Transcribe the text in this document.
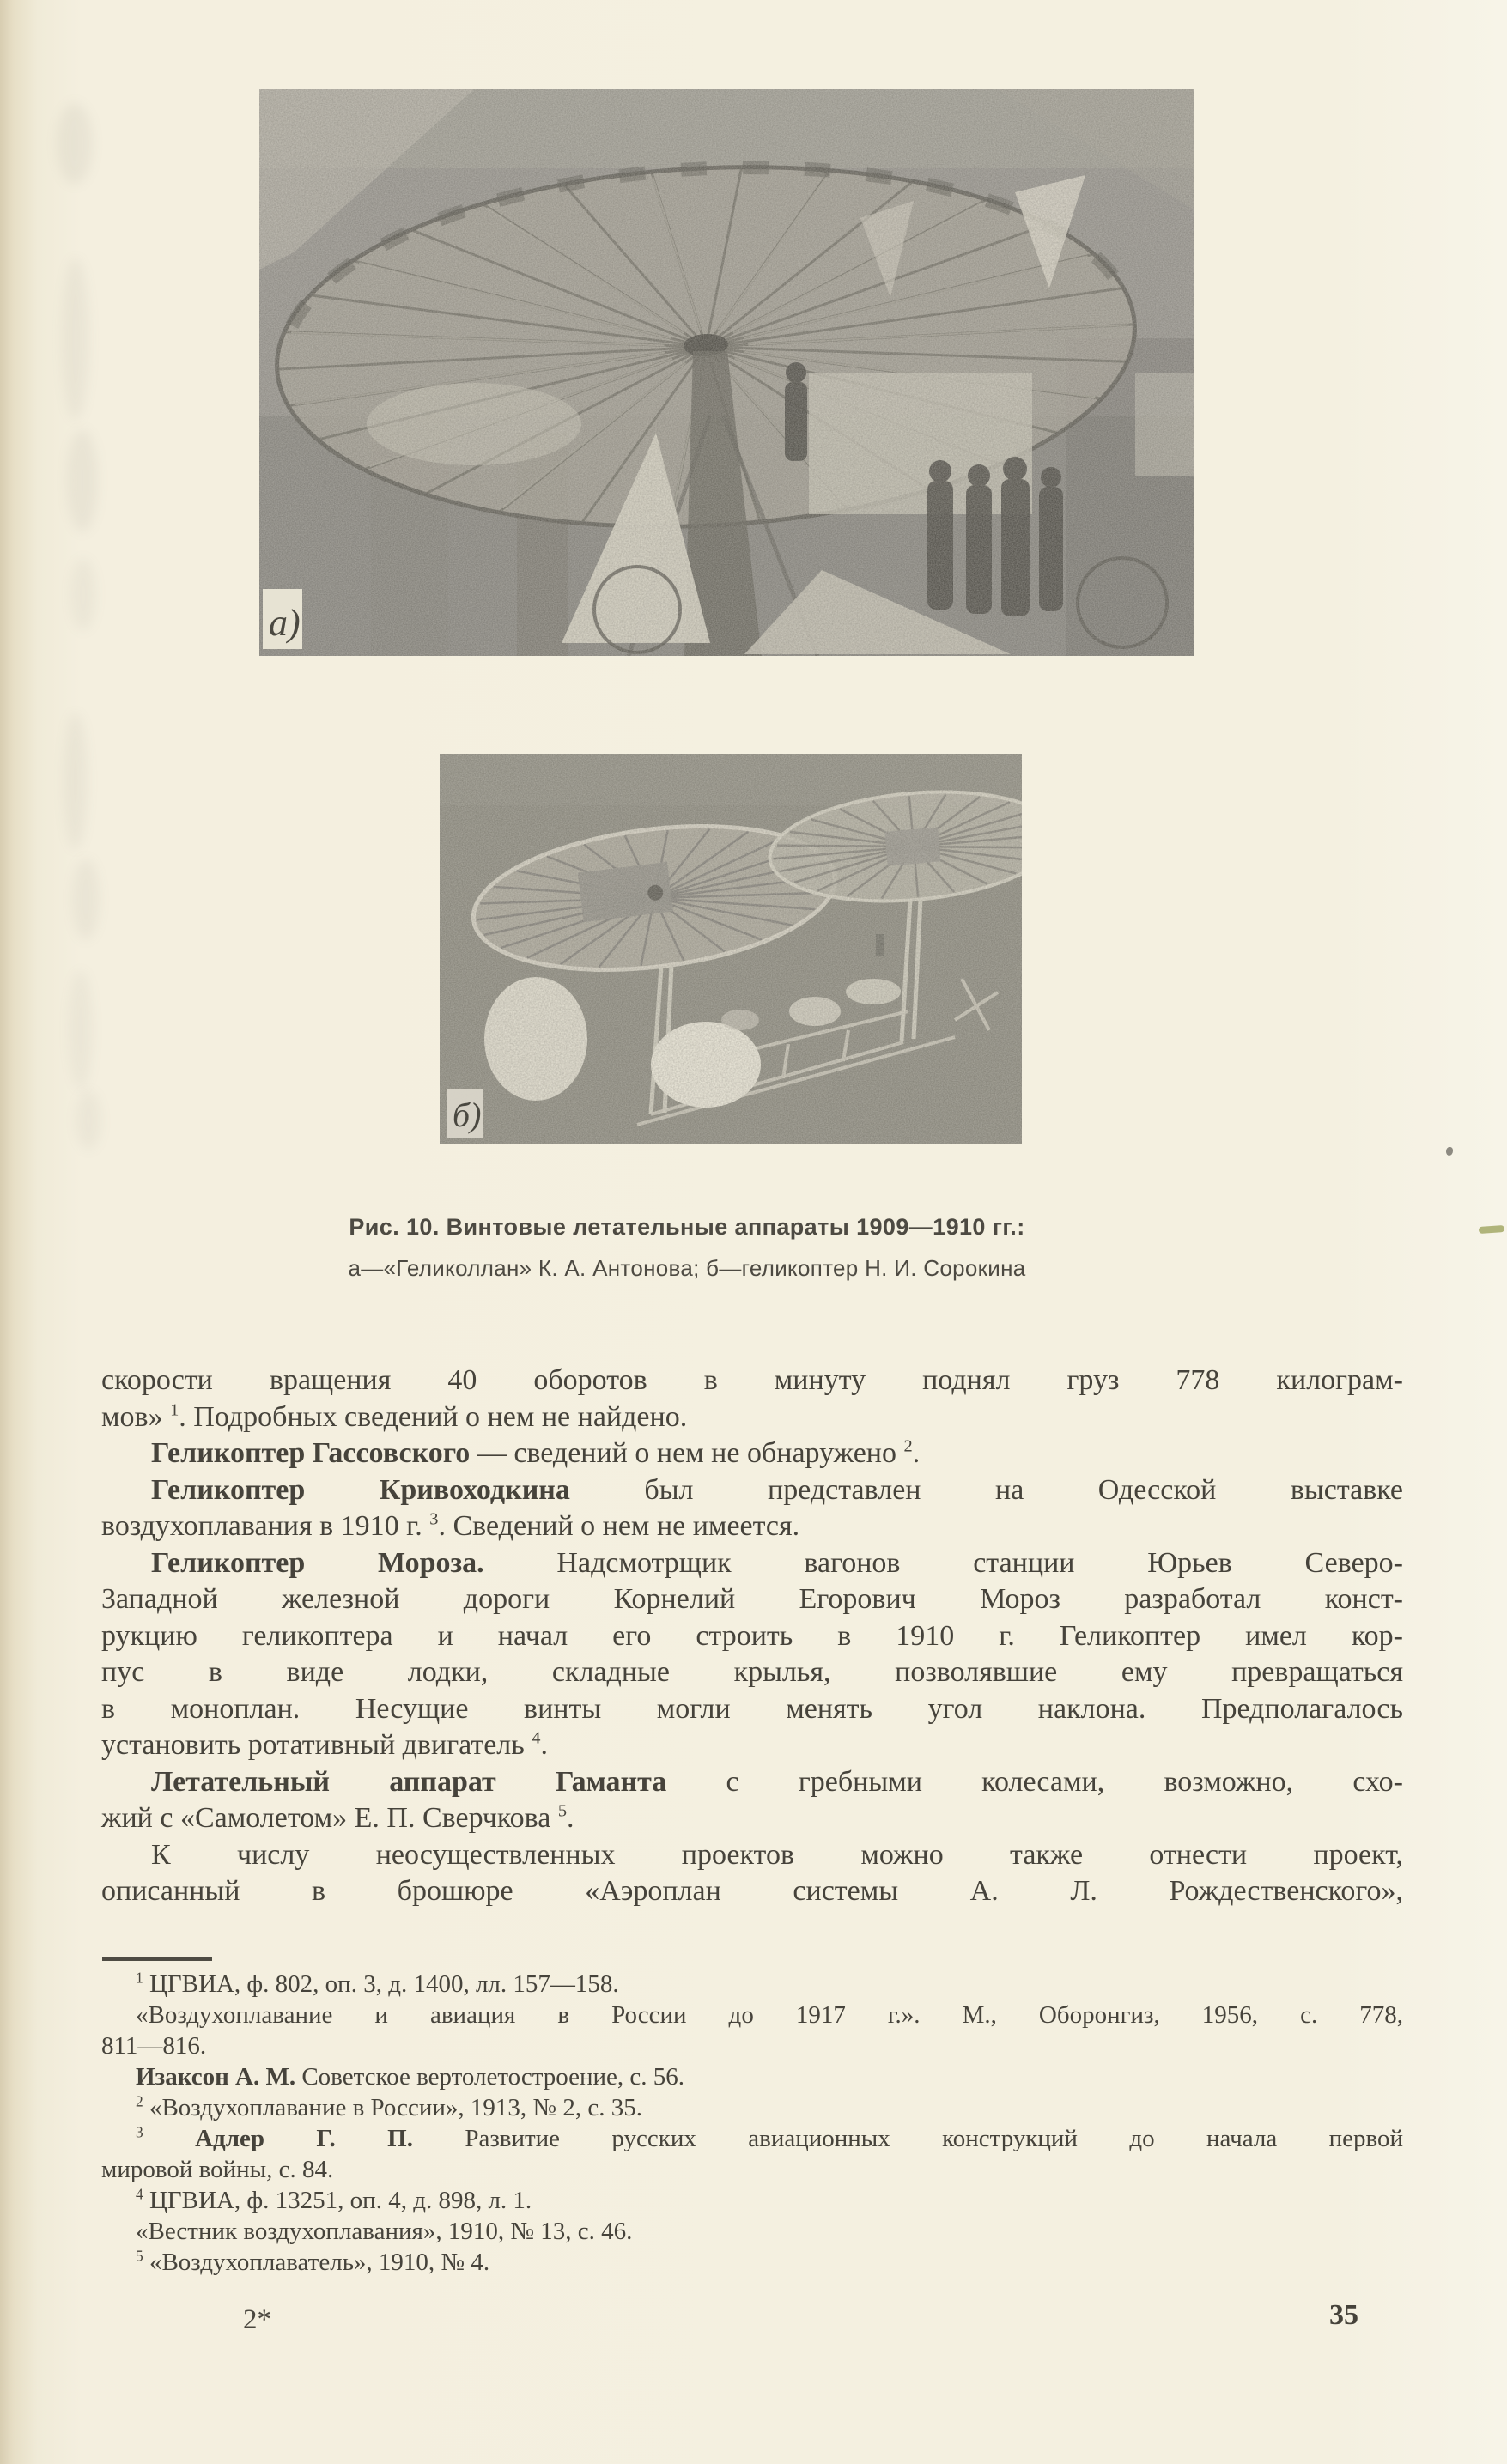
а)
б)
Рис. 10. Винтовые летательные аппараты 1909—1910 гг.:
а—«Геликоллан» К. А. Антонова; б—геликоптер Н. И. Сорокина
скорости вращения 40 оборотов в минуту поднял груз 778 килограм-
мов» $^1$. Подробных сведений о нем не найдено.
Геликоптер Гассовского — сведений о нем не обнаружено $^2$.
Геликоптер Кривоходкина был представлен на Одесской выставке
воздухоплавания в 1910 г. $^3$. Сведений о нем не имеется.
Геликоптер Мороза. Надсмотрщик вагонов станции Юрьев Северо-
Западной железной дороги Корнелий Егорович Мороз разработал конст-
рукцию геликоптера и начал его строить в 1910 г. Геликоптер имел кор-
пус в виде лодки, складные крылья, позволявшие ему превращаться
в моноплан. Несущие винты могли менять угол наклона. Предполагалось
установить ротативный двигатель $^4$.
Летательный аппарат Гаманта с гребными колесами, возможно, схо-
жий с «Самолетом» Е. П. Сверчкова $^5$.
К числу неосуществленных проектов можно также отнести проект,
описанный в брошюре «Аэроплан системы А. Л. Рождественского»,
$^1$ ЦГВИА, ф. 802, оп. 3, д. 1400, лл. 157—158.
«Воздухоплавание и авиация в России до 1917 г.». М., Оборонгиз, 1956, с. 778,
811—816.
Изаксон А. М. Советское вертолетостроение, с. 56.
$^2$ «Воздухоплавание в России», 1913, № 2, с. 35.
$^3$ Адлер Г. П. Развитие русских авиационных конструкций до начала первой
мировой войны, с. 84.
$^4$ ЦГВИА, ф. 13251, оп. 4, д. 898, л. 1.
«Вестник воздухоплавания», 1910, № 13, с. 46.
$^5$ «Воздухоплаватель», 1910, № 4.
2*	35
